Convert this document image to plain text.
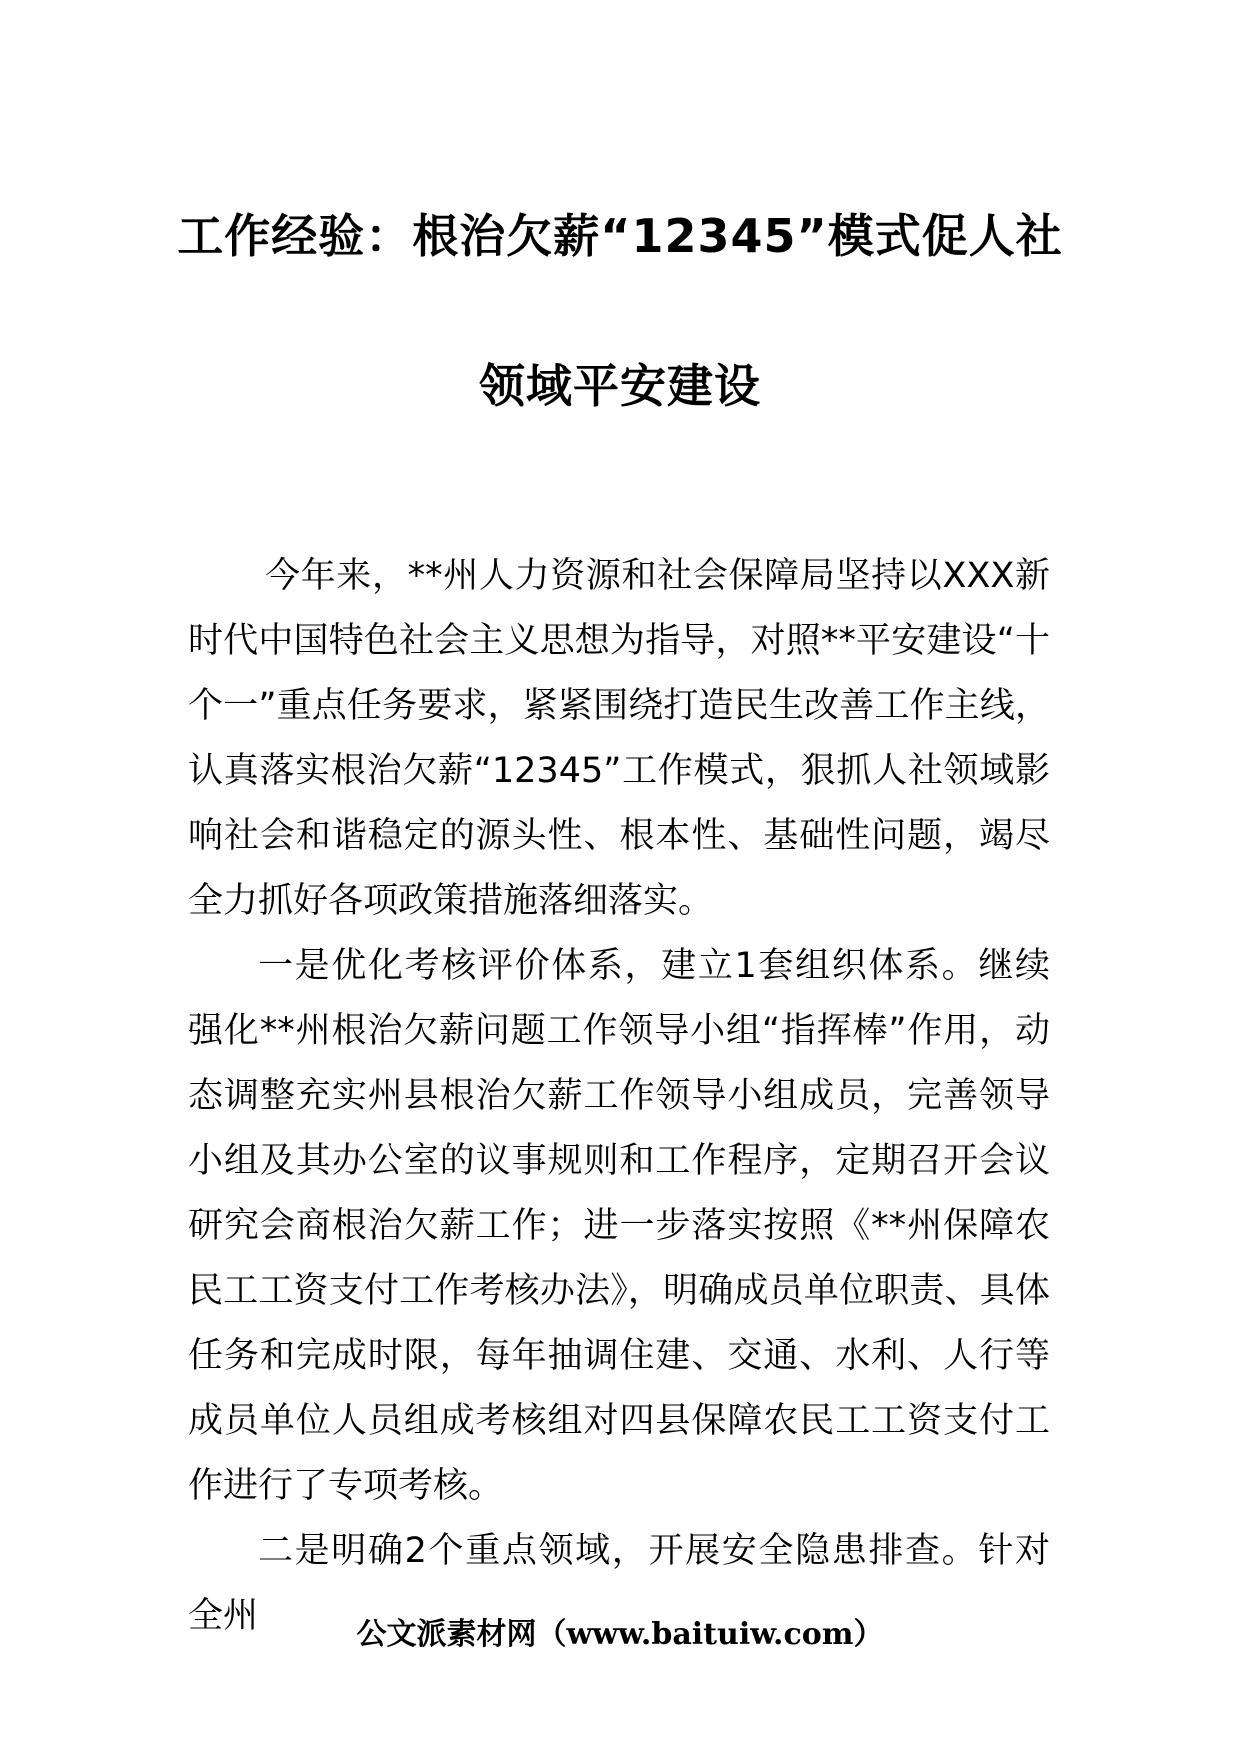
工作经验：根治欠薪“12345”模式促人社
领域平安建设

今年来，**州人力资源和社会保障局坚持以XXX新时代中国特色社会主义思想为指导，对照**平安建设“十个一”重点任务要求，紧紧围绕打造民生改善工作主线，认真落实根治欠薪“12345”工作模式，狠抓人社领域影响社会和谐稳定的源头性、根本性、基础性问题，竭尽全力抓好各项政策措施落细落实。

一是优化考核评价体系，建立1套组织体系。继续强化**州根治欠薪问题工作领导小组“指挥棒”作用，动态调整充实州县根治欠薪工作领导小组成员，完善领导小组及其办公室的议事规则和工作程序，定期召开会议研究会商根治欠薪工作；进一步落实按照《**州保障农民工工资支付工作考核办法》，明确成员单位职责、具体任务和完成时限，每年抽调住建、交通、水利、人行等成员单位人员组成考核组对四县保障农民工工资支付工作进行了专项考核。

二是明确2个重点领域，开展安全隐患排查。针对全州	公文派素材网（www.baituiw.com）
